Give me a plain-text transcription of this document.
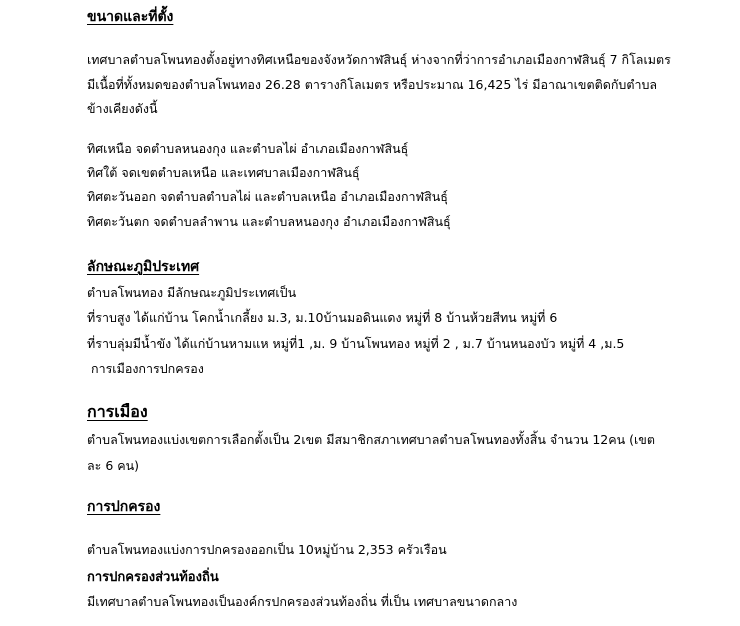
ขนาดและที่ตั้ง
เทศบาลตำบลโพนทองตั้งอยู่ทางทิศเหนือของจังหวัดกาฬสินธุ์ ห่างจากที่ว่าการอำเภอเมืองกาฬสินธุ์ 7 กิโลเมตร
มีเนื้อที่ทั้งหมดของตำบลโพนทอง 26.28 ตารางกิโลเมตร หรือประมาณ 16,425 ไร่ มีอาณาเขตติดกับตำบล
ข้างเคียงดังนี้
ทิศเหนือ จดตำบลหนองกุง และตำบลไผ่ อำเภอเมืองกาฬสินธุ์
ทิศใต้ จดเขตตำบลเหนือ และเทศบาลเมืองกาฬสินธุ์
ทิศตะวันออก จดตำบลตำบลไผ่ และตำบลเหนือ อำเภอเมืองกาฬสินธุ์
ทิศตะวันตก จดตำบลลำพาน และตำบลหนองกุง อำเภอเมืองกาฬสินธุ์
ลักษณะภูมิประเทศ
ตำบลโพนทอง มีลักษณะภูมิประเทศเป็น
ที่ราบสูง ได้แก่บ้าน โคกน้ำเกลี้ยง ม.3, ม.10บ้านมอดินแดง หมู่ที่ 8 บ้านห้วยสีทน หมู่ที่ 6
ที่ราบลุ่มมีน้ำขัง ได้แก่บ้านหามแห หมู่ที่1 ,ม. 9 บ้านโพนทอง หมู่ที่ 2 , ม.7 บ้านหนองบัว หมู่ที่ 4 ,ม.5
การเมืองการปกครอง
การเมือง
ตำบลโพนทองแบ่งเขตการเลือกตั้งเป็น 2เขต มีสมาชิกสภาเทศบาลตำบลโพนทองทั้งสิ้น จำนวน 12คน (เขต
ละ 6 คน)
การปกครอง
ตำบลโพนทองแบ่งการปกครองออกเป็น 10หมู่บ้าน 2,353 ครัวเรือน
การปกครองส่วนท้องถิ่น
มีเทศบาลตำบลโพนทองเป็นองค์กรปกครองส่วนท้องถิ่น ที่เป็น เทศบาลขนาดกลาง
